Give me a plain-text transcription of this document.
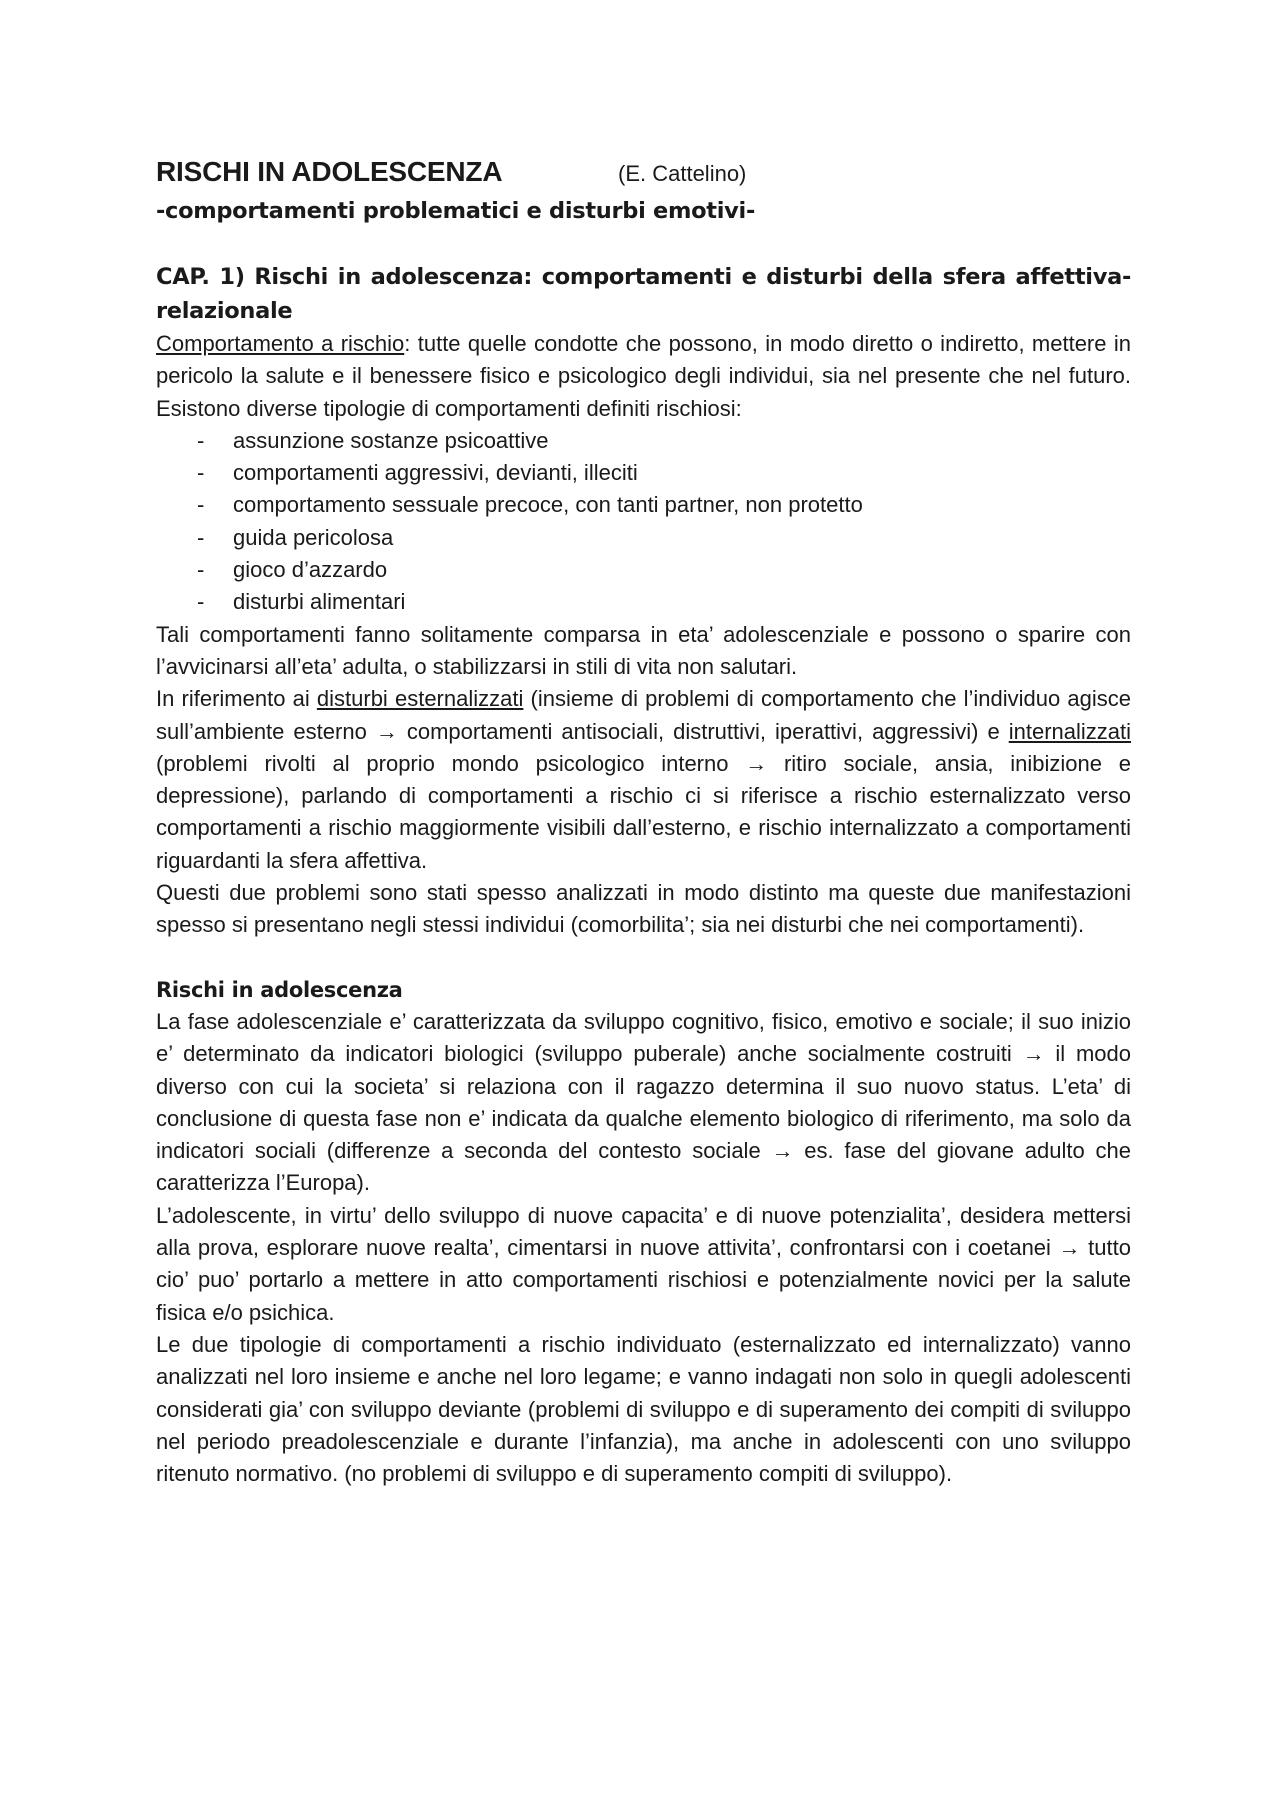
RISCHI IN ADOLESCENZA	(E. Cattelino)
-comportamenti problematici e disturbi emotivi-
CAP. 1) Rischi in adolescenza: comportamenti e disturbi della sfera affettiva-relazionale

Comportamento a rischio: tutte quelle condotte che possono, in modo diretto o indiretto, mettere in pericolo la salute e il benessere fisico e psicologico degli individui, sia nel presente che nel futuro. Esistono diverse tipologie di comportamenti definiti rischiosi:

- assunzione sostanze psicoattive
- comportamenti aggressivi, devianti, illeciti
- comportamento sessuale precoce, con tanti partner, non protetto
- guida pericolosa
- gioco d’azzardo
- disturbi alimentari

Tali comportamenti fanno solitamente comparsa in eta’ adolescenziale e possono o sparire con l’avvicinarsi all’eta’ adulta, o stabilizzarsi in stili di vita non salutari.

In riferimento ai disturbi esternalizzati (insieme di problemi di comportamento che l’individuo agisce sull’ambiente esterno → comportamenti antisociali, distruttivi, iperattivi, aggressivi) e internalizzati (problemi rivolti al proprio mondo psicologico interno → ritiro sociale, ansia, inibizione e depressione), parlando di comportamenti a rischio ci si riferisce a rischio esternalizzato verso comportamenti a rischio maggiormente visibili dall’esterno, e rischio internalizzato a comportamenti riguardanti la sfera affettiva.

Questi due problemi sono stati spesso analizzati in modo distinto ma queste due manifestazioni spesso si presentano negli stessi individui (comorbilita’; sia nei disturbi che nei comportamenti).

Rischi in adolescenza

La fase adolescenziale e’ caratterizzata da sviluppo cognitivo, fisico, emotivo e sociale; il suo inizio e’ determinato da indicatori biologici (sviluppo puberale) anche socialmente costruiti → il modo diverso con cui la societa’ si relaziona con il ragazzo determina il suo nuovo status. L’eta’ di conclusione di questa fase non e’ indicata da qualche elemento biologico di riferimento, ma solo da indicatori sociali (differenze a seconda del contesto sociale → es. fase del giovane adulto che caratterizza l’Europa).

L’adolescente, in virtu’ dello sviluppo di nuove capacita’ e di nuove potenzialita’, desidera mettersi alla prova, esplorare nuove realta’, cimentarsi in nuove attivita’, confrontarsi con i coetanei → tutto cio’ puo’ portarlo a mettere in atto comportamenti rischiosi e potenzialmente novici per la salute fisica e/o psichica.

Le due tipologie di comportamenti a rischio individuato (esternalizzato ed internalizzato) vanno analizzati nel loro insieme e anche nel loro legame; e vanno indagati non solo in quegli adolescenti considerati gia’ con sviluppo deviante (problemi di sviluppo e di superamento dei compiti di sviluppo nel periodo preadolescenziale e durante l’infanzia), ma anche in adolescenti con uno sviluppo ritenuto normativo. (no problemi di sviluppo e di superamento compiti di sviluppo).
